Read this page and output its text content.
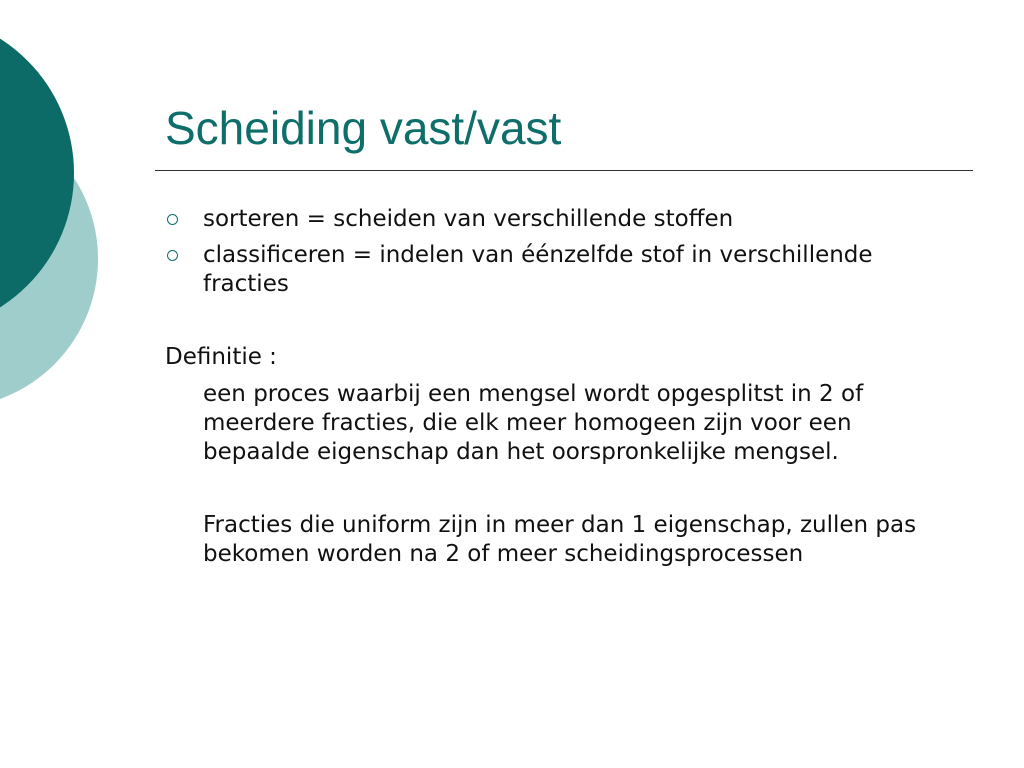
Scheiding vast/vast
sorteren = scheiden van verschillende stoffen
classificeren = indelen van éénzelfde stof in verschillende fracties

Definitie :

een proces waarbij een mengsel wordt opgesplitst in 2 of meerdere fracties, die elk meer homogeen zijn voor een bepaalde eigenschap dan het oorspronkelijke mengsel.

Fracties die uniform zijn in meer dan 1 eigenschap, zullen pas bekomen worden na 2 of meer scheidingsprocessen
